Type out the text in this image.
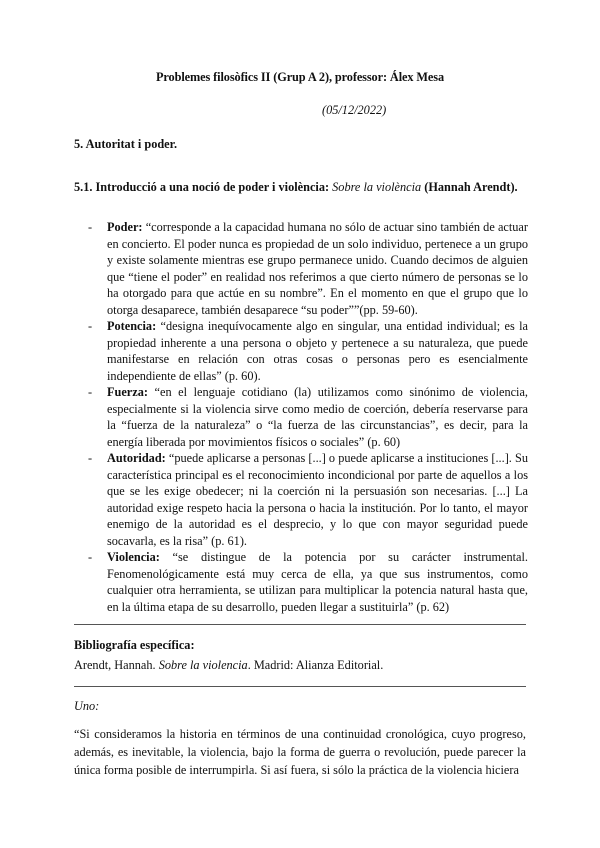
Problemes filosòfics II (Grup A 2), professor: Álex Mesa
(05/12/2022)
5. Autoritat i poder.
5.1. Introducció a una noció de poder i violència: Sobre la violència (Hannah Arendt).
- Poder: “corresponde a la capacidad humana no sólo de actuar sino también de actuar en concierto. El poder nunca es propiedad de un solo individuo, pertenece a un grupo y existe solamente mientras ese grupo permanece unido. Cuando decimos de alguien que “tiene el poder” en realidad nos referimos a que cierto número de personas se lo ha otorgado para que actúe en su nombre”. En el momento en que el grupo que lo otorga desaparece, también desaparece “su poder””(pp. 59-60).
- Potencia: “designa inequívocamente algo en singular, una entidad individual; es la propiedad inherente a una persona o objeto y pertenece a su naturaleza, que puede manifestarse en relación con otras cosas o personas pero es esencialmente independiente de ellas” (p. 60).
- Fuerza: “en el lenguaje cotidiano (la) utilizamos como sinónimo de violencia, especialmente si la violencia sirve como medio de coerción, debería reservarse para la “fuerza de la naturaleza” o “la fuerza de las circunstancias”, es decir, para la energía liberada por movimientos físicos o sociales” (p. 60)
- Autoridad: “puede aplicarse a personas [...] o puede aplicarse a instituciones [...]. Su característica principal es el reconocimiento incondicional por parte de aquellos a los que se les exige obedecer; ni la coerción ni la persuasión son necesarias. [...] La autoridad exige respeto hacia la persona o hacia la institución. Por lo tanto, el mayor enemigo de la autoridad es el desprecio, y lo que con mayor seguridad puede socavarla, es la risa” (p. 61).
- Violencia: “se distingue de la potencia por su carácter instrumental. Fenomenológicamente está muy cerca de ella, ya que sus instrumentos, como cualquier otra herramienta, se utilizan para multiplicar la potencia natural hasta que, en la última etapa de su desarrollo, pueden llegar a sustituirla” (p. 62)
Bibliografía específica:
Arendt, Hannah. Sobre la violencia. Madrid: Alianza Editorial.
Uno:

“Si consideramos la historia en términos de una continuidad cronológica, cuyo progreso, además, es inevitable, la violencia, bajo la forma de guerra o revolución, puede parecer la única forma posible de interrumpirla. Si así fuera, si sólo la práctica de la violencia hiciera
